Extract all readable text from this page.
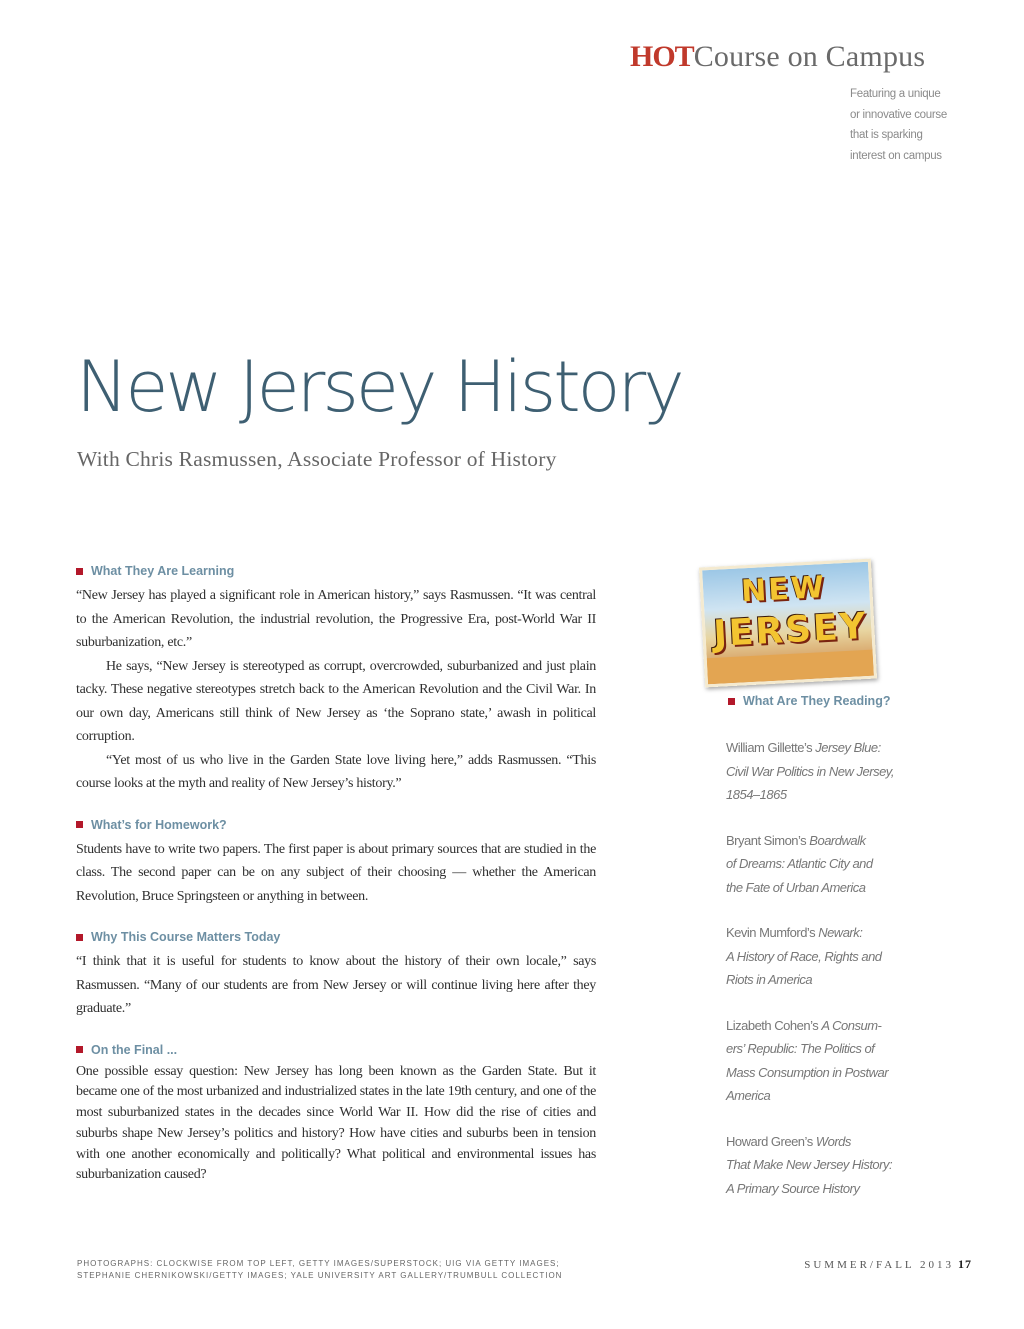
HOTCourse on Campus
Featuring a unique
or innovative course
that is sparking
interest on campus
New Jersey History
With Chris Rasmussen, Associate Professor of History
What They Are Learning

“New Jersey has played a significant role in American history,” says Rasmussen. “It was central to the American Revolution, the industrial revolution, the Progressive Era, post-World War II suburbanization, etc.”

He says, “New Jersey is stereotyped as corrupt, overcrowded, suburbanized and just plain tacky. These negative stereotypes stretch back to the American Revolution and the Civil War. In our own day, Americans still think of New Jersey as ‘the Soprano state,’ awash in political corruption.

“Yet most of us who live in the Garden State love living here,” adds Rasmussen. “This course looks at the myth and reality of New Jersey’s history.”

What’s for Homework?

Students have to write two papers. The first paper is about primary sources that are studied in the class. The second paper can be on any subject of their choosing — whether the American Revolution, Bruce Springsteen or anything in between.

Why This Course Matters Today

“I think that it is useful for students to know about the history of their own locale,” says Rasmussen. “Many of our students are from New Jersey or will continue living here after they graduate.”

On the Final ...

One possible essay question: New Jersey has long been known as the Garden State. But it became one of the most urbanized and industrialized states in the late 19th century, and one of the most suburbanized states in the decades since World War II. How did the rise of cities and suburbs shape New Jersey’s politics and history? How have cities and suburbs been in tension with one another economically and politically? What political and environmental issues has suburbanization caused?

NEW
JERSEY
What Are They Reading?
William Gillette’s Jersey Blue:
Civil War Politics in New Jersey,
1854–1865
Bryant Simon’s Boardwalk
of Dreams: Atlantic City and
the Fate of Urban America
Kevin Mumford’s Newark:
A History of Race, Rights and
Riots in America
Lizabeth Cohen’s A Consum-
ers’ Republic: The Politics of
Mass Consumption in Postwar
America
Howard Green’s Words
That Make New Jersey History:
A Primary Source History
PHOTOGRAPHS: CLOCKWISE FROM TOP LEFT, GETTY IMAGES/SUPERSTOCK; UIG VIA GETTY IMAGES;
STEPHANIE CHERNIKOWSKI/GETTY IMAGES; YALE UNIVERSITY ART GALLERY/TRUMBULL COLLECTION
SUMMER/FALL 2013 17
